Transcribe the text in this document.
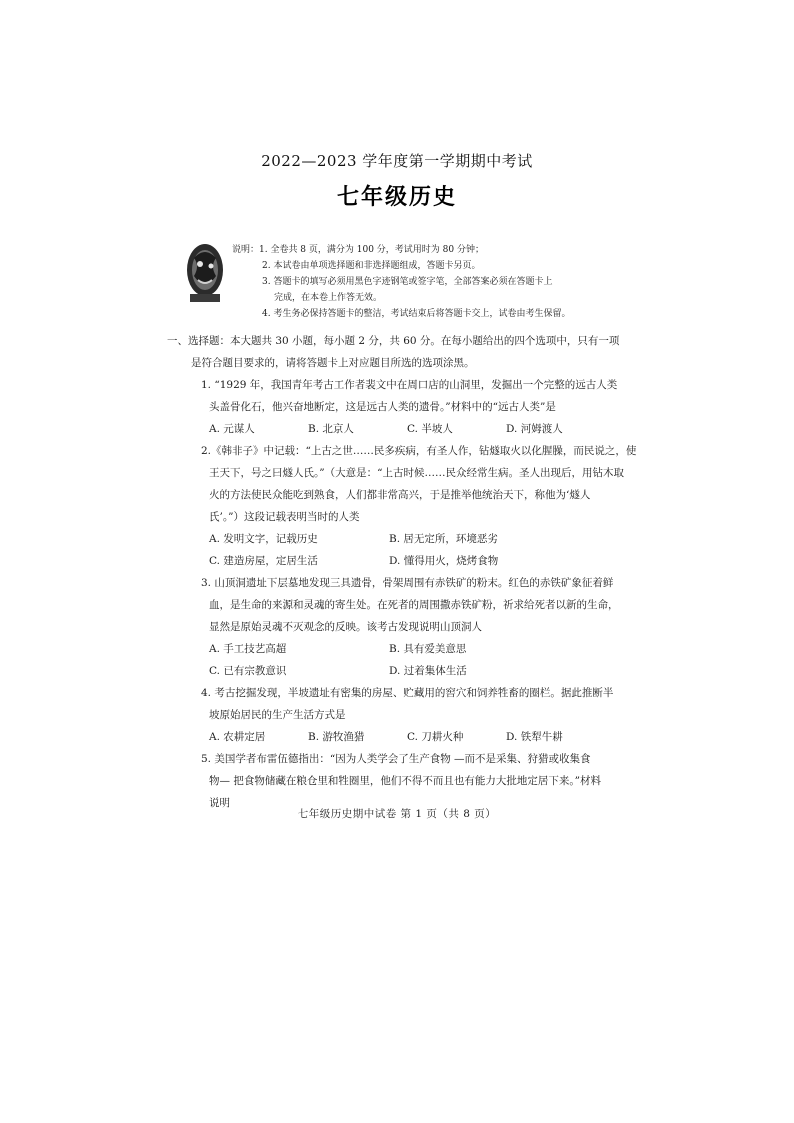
2022—2023 学年度第一学期期中考试
七年级历史
说明：1. 全卷共 8 页，满分为 100 分，考试用时为 80 分钟；
2. 本试卷由单项选择题和非选择题组成，答题卡另页。
3. 答题卡的填写必须用黑色字迹钢笔或签字笔，全部答案必须在答题卡上
完成，在本卷上作答无效。
4. 考生务必保持答题卡的整洁，考试结束后将答题卡交上，试卷由考生保留。
一、选择题：本大题共 30 小题，每小题 2 分，共 60 分。在每小题给出的四个选项中，只有一项
是符合题目要求的，请将答题卡上对应题目所选的选项涂黑。
1. “1929 年，我国青年考古工作者裴文中在周口店的山洞里，发掘出一个完整的远古人类
头盖骨化石，他兴奋地断定，这是远古人类的遗骨。”材料中的“远古人类”是
A. 元谋人	B. 北京人	C. 半坡人	D. 河姆渡人
2.《韩非子》中记载：“上古之世……民多疾病，有圣人作，钻燧取火以化腥臊，而民说之，使
王天下，号之曰燧人氏。”（大意是：“上古时候……民众经常生病。圣人出现后，用钻木取
火的方法使民众能吃到熟食，人们都非常高兴，于是推举他统治天下，称他为‘燧人
氏’。”）这段记载表明当时的人类
A. 发明文字，记载历史	B. 居无定所，环境恶劣
C. 建造房屋，定居生活	D. 懂得用火，烧烤食物
3. 山顶洞遗址下层墓地发现三具遗骨，骨架周围有赤铁矿的粉末。红色的赤铁矿象征着鲜
血，是生命的来源和灵魂的寄生处。在死者的周围撒赤铁矿粉，祈求给死者以新的生命，
显然是原始灵魂不灭观念的反映。该考古发现说明山顶洞人
A. 手工技艺高超	B. 具有爱美意思
C. 已有宗教意识	D. 过着集体生活
4. 考古挖掘发现，半坡遗址有密集的房屋、贮藏用的窖穴和饲养牲畜的圈栏。据此推断半
坡原始居民的生产生活方式是
A. 农耕定居	B. 游牧渔猎	C. 刀耕火种	D. 铁犁牛耕
5. 美国学者布雷伍德指出：“因为人类学会了生产食物 —而不是采集、狩猎或收集食
物— 把食物储藏在粮仓里和牲圈里，他们不得不而且也有能力大批地定居下来。”材料
说明
七年级历史期中试卷 第 1 页（共 8 页）
